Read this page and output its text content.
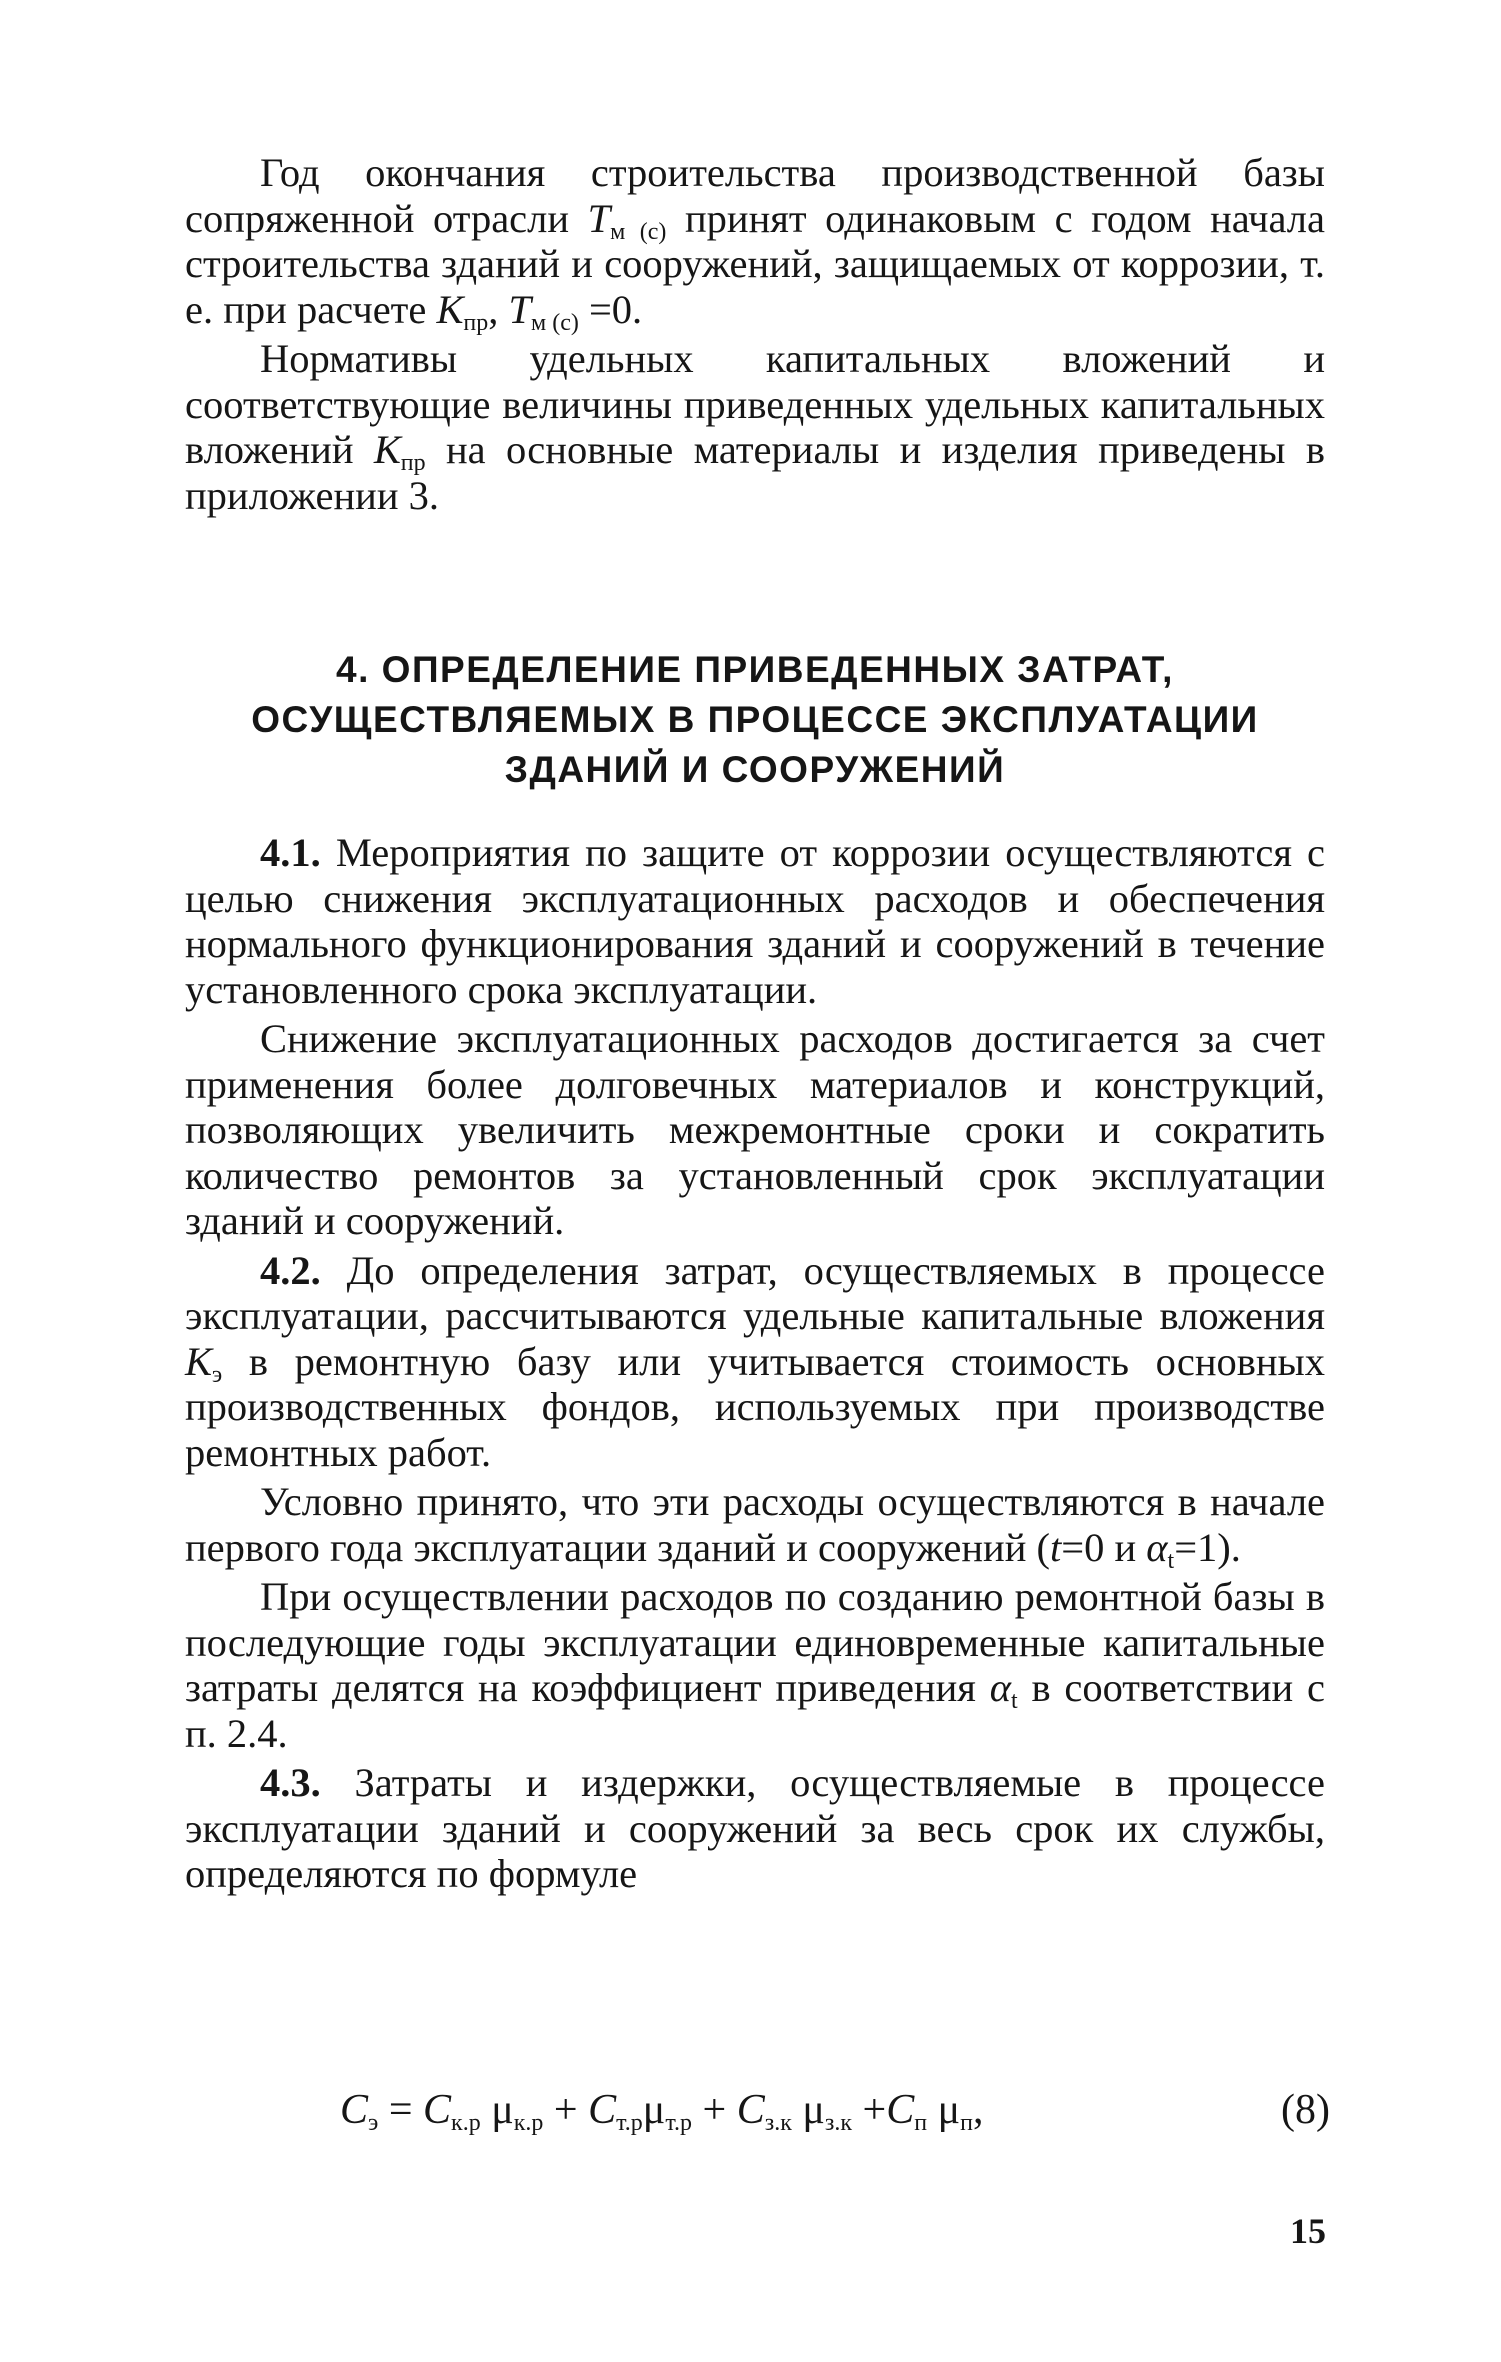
Год окончания строительства производственной базы сопряженной отрасли $Т_{м (с)}$ принят одинаковым с годом начала строительства зданий и сооружений, защищаемых от коррозии, т. е. при расчете $К_{пр}$, $Т_{м (с)} =0$.

Нормативы удельных капитальных вложений и соответствующие величины приведенных удельных капитальных вложений $К_{пр}$ на основные материалы и изделия приведены в приложении 3.

4. ОПРЕДЕЛЕНИЕ ПРИВЕДЕННЫХ ЗАТРАТ,
ОСУЩЕСТВЛЯЕМЫХ В ПРОЦЕССЕ ЭКСПЛУАТАЦИИ
ЗДАНИЙ И СООРУЖЕНИЙ

4.1. Мероприятия по защите от коррозии осуществляются с целью снижения эксплуатационных расходов и обеспечения нормального функционирования зданий и сооружений в течение установленного срока эксплуатации.

Снижение эксплуатационных расходов достигается за счет применения более долговечных материалов и конструкций, позволяющих увеличить межремонтные сроки и сократить количество ремонтов за установленный срок эксплуатации зданий и сооружений.

4.2. До определения затрат, осуществляемых в процессе эксплуатации, рассчитываются удельные капитальные вложения $К_э$ в ремонтную базу или учитывается стоимость основных производственных фондов, используемых при производстве ремонтных работ.

Условно принято, что эти расходы осуществляются в начале первого года эксплуатации зданий и сооружений (t=0 и $\alpha_t=1$).

При осуществлении расходов по созданию ремонтной базы в последующие годы эксплуатации единовременные капитальные затраты делятся на коэффициент приведения $\alpha_t$ в соответствии с п. 2.4.

4.3. Затраты и издержки, осуществляемые в процессе эксплуатации зданий и сооружений за весь срок их службы, определяются по формуле

$С_э = С_{к.р}$ $\mu_{к.р} + С_{т.р}\mu_{т.р} + С_{з.к}$ $\mu_{з.к} +С_п$ $\mu_п$,	(8)
15
